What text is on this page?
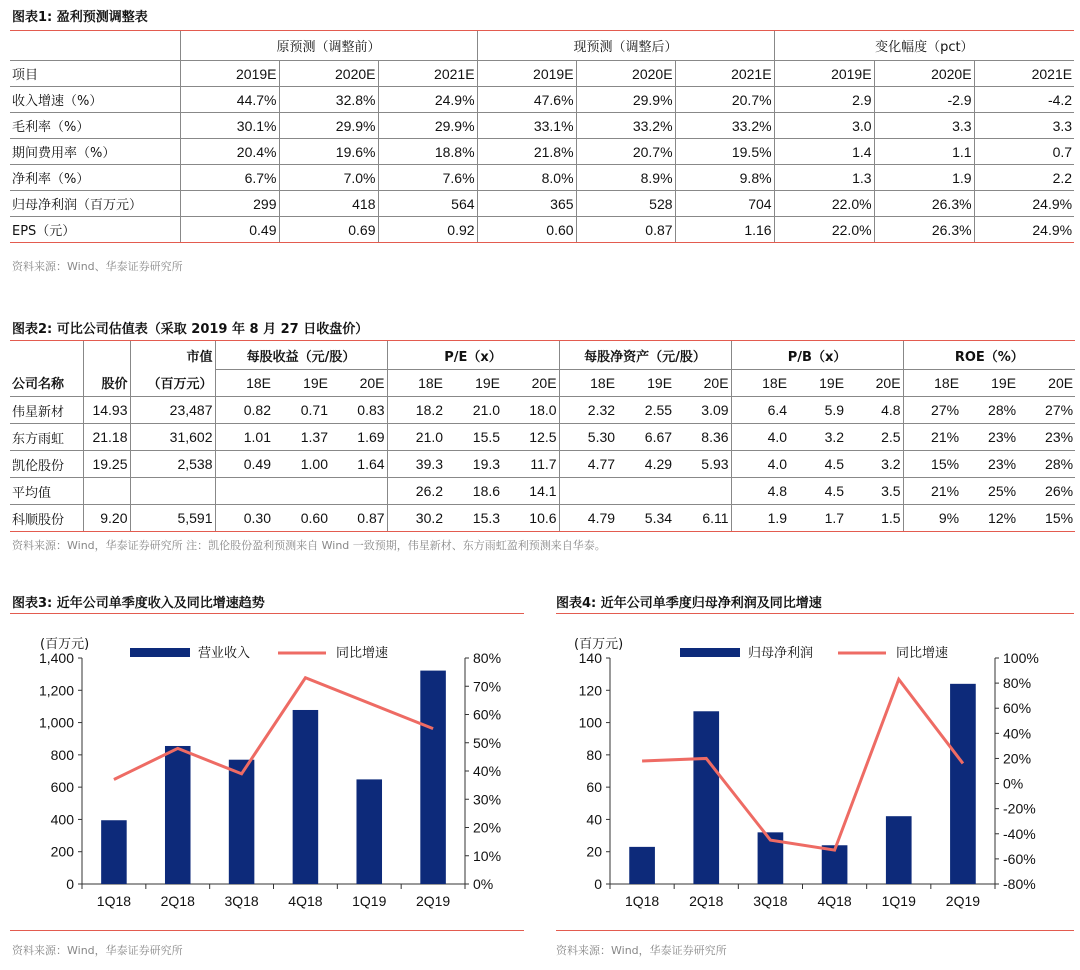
图表1: 盈利预测调整表
	原预测（调整前）			现预测（调整后）			变化幅度（pct）		
项目	2019E	2020E	2021E	2019E	2020E	2021E	2019E	2020E	2021E
收入增速（%）	44.7%	32.8%	24.9%	47.6%	29.9%	20.7%	2.9	-2.9	-4.2
毛利率（%）	30.1%	29.9%	29.9%	33.1%	33.2%	33.2%	3.0	3.3	3.3
期间费用率（%）	20.4%	19.6%	18.8%	21.8%	20.7%	19.5%	1.4	1.1	0.7
净利率（%）	6.7%	7.0%	7.6%	8.0%	8.9%	9.8%	1.3	1.9	2.2
归母净利润（百万元）	299	418	564	365	528	704	22.0%	26.3%	24.9%
EPS（元）	0.49	0.69	0.92	0.60	0.87	1.16	22.0%	26.3%	24.9%
资料来源：Wind、华泰证券研究所
图表2: 可比公司估值表（采取 2019 年 8 月 27 日收盘价）
		市值	每股收益（元/股）			P/E（x）			每股净资产（元/股）			P/B（x）			ROE（%）		
公司名称	股价	（百万元）	18E	19E	20E	18E	19E	20E	18E	19E	20E	18E	19E	20E	18E	19E	20E
伟星新材	14.93	23,487	0.82	0.71	0.83	18.2	21.0	18.0	2.32	2.55	3.09	6.4	5.9	4.8	27%	28%	27%
东方雨虹	21.18	31,602	1.01	1.37	1.69	21.0	15.5	12.5	5.30	6.67	8.36	4.0	3.2	2.5	21%	23%	23%
凯伦股份	19.25	2,538	0.49	1.00	1.64	39.3	19.3	11.7	4.77	4.29	5.93	4.0	4.5	3.2	15%	23%	28%
平均值						26.2	18.6	14.1				4.8	4.5	3.5	21%	25%	26%
科顺股份	9.20	5,591	0.30	0.60	0.87	30.2	15.3	10.6	4.79	5.34	6.11	1.9	1.7	1.5	9%	12%	15%
资料来源：Wind，华泰证券研究所 注：凯伦股份盈利预测来自 Wind 一致预期，伟星新材、东方雨虹盈利预测来自华泰。
图表3: 近年公司单季度收入及同比增速趋势
(百万元)
0
200
400
600
800
1,000
1,200
1,400
0%
10%
20%
30%
40%
50%
60%
70%
80%
1Q18 2Q18 3Q18 4Q18 1Q19 2Q19
营业收入	同比增速
资料来源：Wind，华泰证券研究所
图表4: 近年公司单季度归母净利润及同比增速
(百万元)
0
20
40
60
80
100
120
140
-80%
-60%
-40%
-20%
0%
20%
40%
60%
80%
100%
1Q18 2Q18 3Q18 4Q18 1Q19 2Q19
归母净利润	同比增速
资料来源：Wind，华泰证券研究所
